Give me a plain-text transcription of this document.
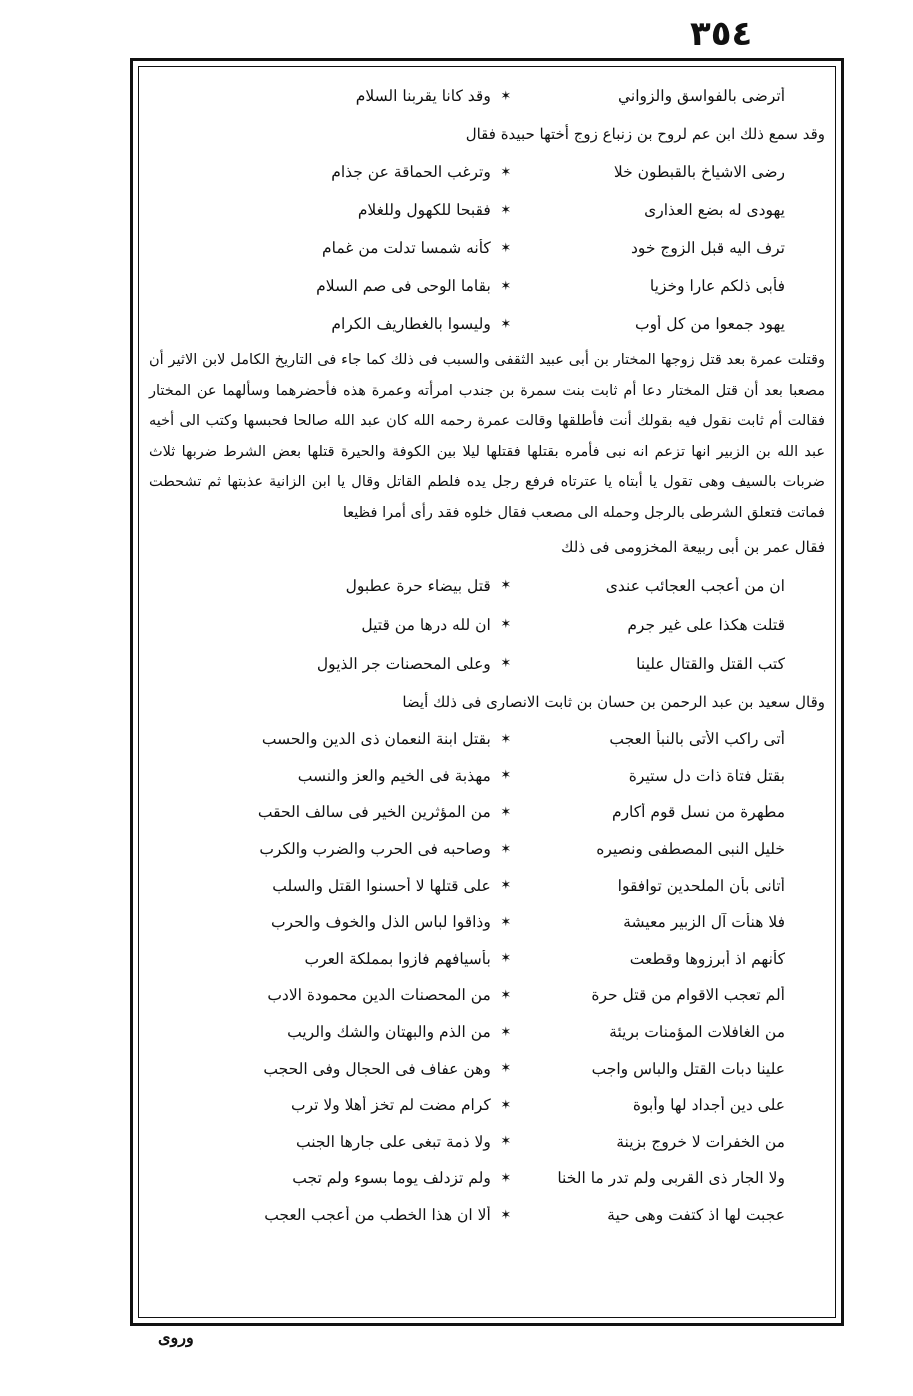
٣٥٤
أترضى بالفواسق والزواني
✶
وقد كانا يقربنا السلام
وقد سمع ذلك ابن عم لروح بن زنباع زوج أختها حبيدة فقال
رضى الاشياخ بالقبطون خلا
✶
وترغب الحماقة عن جذام
يهودى له بضع العذارى
✶
فقبحا للكهول وللغلام
ترف اليه قبل الزوج خود
✶
كأنه شمسا تدلت من غمام
فأبى ذلكم عارا وخزيا
✶
بقاما الوحى فى صم السلام
يهود جمعوا من كل أوب
✶
وليسوا بالغطاريف الكرام
وقتلت عمرة بعد قتل زوجها المختار بن أبى عبيد الثقفى والسبب فى ذلك كما جاء فى التاريخ الكامل لابن الاثير أن مصعبا بعد أن قتل المختار دعا أم ثابت بنت سمرة بن جندب امرأته وعمرة هذه فأحضرهما وسألهما عن المختار فقالت أم ثابت نقول فيه بقولك أنت فأطلقها وقالت عمرة رحمه الله كان عبد الله صالحا فحبسها وكتب الى أخيه عبد الله بن الزبير انها تزعم انه نبى فأمره بقتلها فقتلها ليلا بين الكوفة والحيرة قتلها بعض الشرط ضربها ثلاث ضربات بالسيف وهى تقول يا أبتاه يا عترتاه فرفع رجل يده فلطم القاتل وقال يا ابن الزانية عذبتها ثم تشحطت فماتت فتعلق الشرطى بالرجل وحمله الى مصعب فقال خلوه فقد رأى أمرا فظيعا
فقال عمر بن أبى ربيعة المخزومى فى ذلك
ان من أعجب العجائب عندى
✶
قتل بيضاء حرة عطبول
قتلت هكذا على غير جرم
✶
ان لله درها من قتيل
كتب القتل والقتال علينا
✶
وعلى المحصنات جر الذيول
وقال سعيد بن عبد الرحمن بن حسان بن ثابت الانصارى فى ذلك أيضا
أتى راكب الأتى بالنبأ العجب
✶
بقتل ابنة النعمان ذى الدين والحسب
بقتل فتاة ذات دل ستيرة
✶
مهذبة فى الخيم والعز والنسب
مطهرة من نسل قوم أكارم
✶
من المؤثرين الخير فى سالف الحقب
خليل النبى المصطفى ونصيره
✶
وصاحبه فى الحرب والضرب والكرب
أتانى بأن الملحدين توافقوا
✶
على قتلها لا أحسنوا القتل والسلب
فلا هنأت آل الزبير معيشة
✶
وذاقوا لباس الذل والخوف والحرب
كأنهم اذ أبرزوها وقطعت
✶
بأسيافهم فازوا بمملكة العرب
ألم تعجب الاقوام من قتل حرة
✶
من المحصنات الدين محمودة الادب
من الغافلات المؤمنات بريئة
✶
من الذم والبهتان والشك والريب
علينا دبات القتل والباس واجب
✶
وهن عفاف فى الحجال وفى الحجب
على دين أجداد لها وأبوة
✶
كرام مضت لم تخز أهلا ولا ترب
من الخفرات لا خروج بزينة
✶
ولا ذمة تبغى على جارها الجنب
ولا الجار ذى القربى ولم تدر ما الخنا
✶
ولم تزدلف يوما بسوء ولم تجب
عجبت لها اذ كتفت وهى حية
✶
ألا ان هذا الخطب من أعجب العجب
وروى
